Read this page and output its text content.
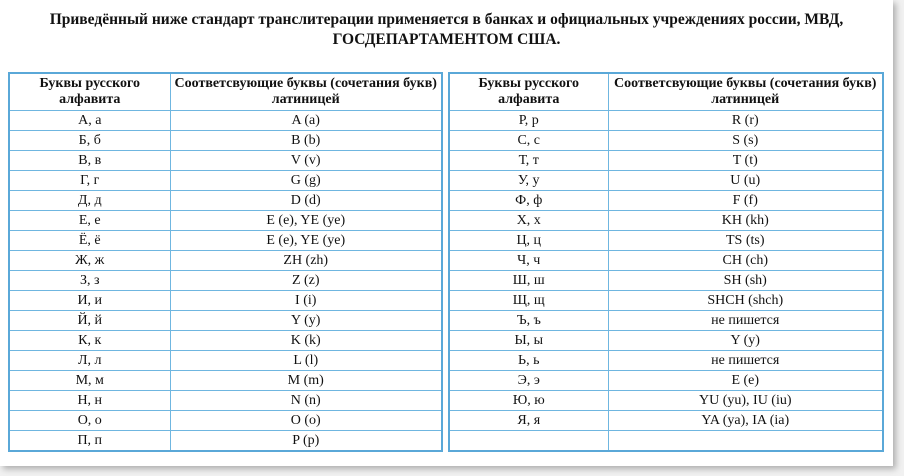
Приведённый ниже стандарт транслитерации применяется в банках и официальных учреждениях россии, МВД,
ГОСДЕПАРТАМЕНТОМ США.
Буквы русского алфавита	Соответсвующие буквы (сочетания букв) латиницей
А, а	A (a)
Б, б	B (b)
В, в	V (v)
Г, г	G (g)
Д, д	D (d)
Е, е	E (e), YE (ye)
Ё, ё	E (e), YE (ye)
Ж, ж	ZH (zh)
З, з	Z (z)
И, и	I (i)
Й, й	Y (y)
К, к	K (k)
Л, л	L (l)
М, м	M (m)
Н, н	N (n)
О, о	O (o)
П, п	P (p)
Буквы русского алфавита	Соответсвующие буквы (сочетания букв) латиницей
Р, р	R (r)
С, с	S (s)
Т, т	T (t)
У, у	U (u)
Ф, ф	F (f)
Х, х	KH (kh)
Ц, ц	TS (ts)
Ч, ч	CH (ch)
Ш, ш	SH (sh)
Щ, щ	SHCH (shch)
Ъ, ъ	не пишется
Ы, ы	Y (y)
Ь, ь	не пишется
Э, э	E (e)
Ю, ю	YU (yu), IU (iu)
Я, я	YA (ya), IA (ia)
